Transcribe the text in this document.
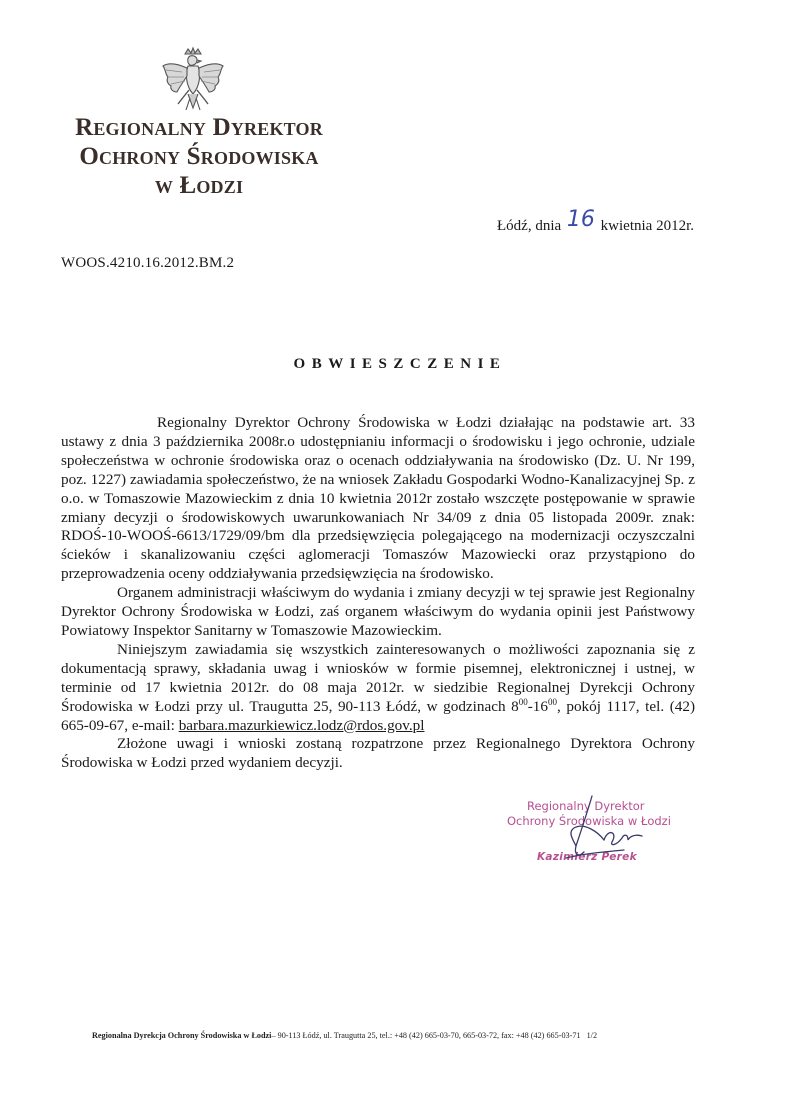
Regionalny Dyrektor
Ochrony Środowiska
w Łodzi
Łódź, dnia 16 kwietnia 2012r.
WOOS.4210.16.2012.BM.2
OBWIESZCZENIE

Regionalny Dyrektor Ochrony Środowiska w Łodzi działając na podstawie art. 33 ustawy z dnia 3 października 2008r.o udostępnianiu informacji o środowisku i jego ochronie, udziale społeczeństwa w ochronie środowiska oraz o ocenach oddziaływania na środowisko (Dz. U. Nr 199, poz. 1227) zawiadamia społeczeństwo, że na wniosek Zakładu Gospodarki Wodno-Kanalizacyjnej Sp. z o.o. w Tomaszowie Mazowieckim z dnia 10 kwietnia 2012r zostało wszczęte postępowanie w sprawie zmiany decyzji o środowiskowych uwarunkowaniach Nr 34/09 z dnia 05 listopada 2009r. znak: RDOŚ-10-WOOŚ-6613/1729/09/bm dla przedsięwzięcia polegającego na modernizacji oczyszczalni ścieków i skanalizowaniu części aglomeracji Tomaszów Mazowiecki oraz przystąpiono do przeprowadzenia oceny oddziaływania przedsięwzięcia na środowisko.

Organem administracji właściwym do wydania i zmiany decyzji w tej sprawie jest Regionalny Dyrektor Ochrony Środowiska w Łodzi, zaś organem właściwym do wydania opinii jest Państwowy Powiatowy Inspektor Sanitarny w Tomaszowie Mazowieckim.

Niniejszym zawiadamia się wszystkich zainteresowanych o możliwości zapoznania się z dokumentacją sprawy, składania uwag i wniosków w formie pisemnej, elektronicznej i ustnej, w terminie od 17 kwietnia 2012r. do 08 maja 2012r. w siedzibie Regionalnej Dyrekcji Ochrony Środowiska w Łodzi przy ul. Traugutta 25, 90-113 Łódź, w godzinach $8^{00}-16^{00}$, pokój 1117, tel. (42) 665-09-67, e-mail: barbara.mazurkiewicz.lodz@rdos.gov.pl

Złożone uwagi i wnioski zostaną rozpatrzone przez Regionalnego Dyrektora Ochrony Środowiska w Łodzi przed wydaniem decyzji.

Regionalny Dyrektor
Ochrony Środowiska w Łodzi
Kazimierz Perek
Regionalna Dyrekcja Ochrony Środowiska w Łodzi– 90-113 Łódź, ul. Traugutta 25, tel.: +48 (42) 665-03-70, 665-03-72, fax: +48 (42) 665-03-71 1/2
